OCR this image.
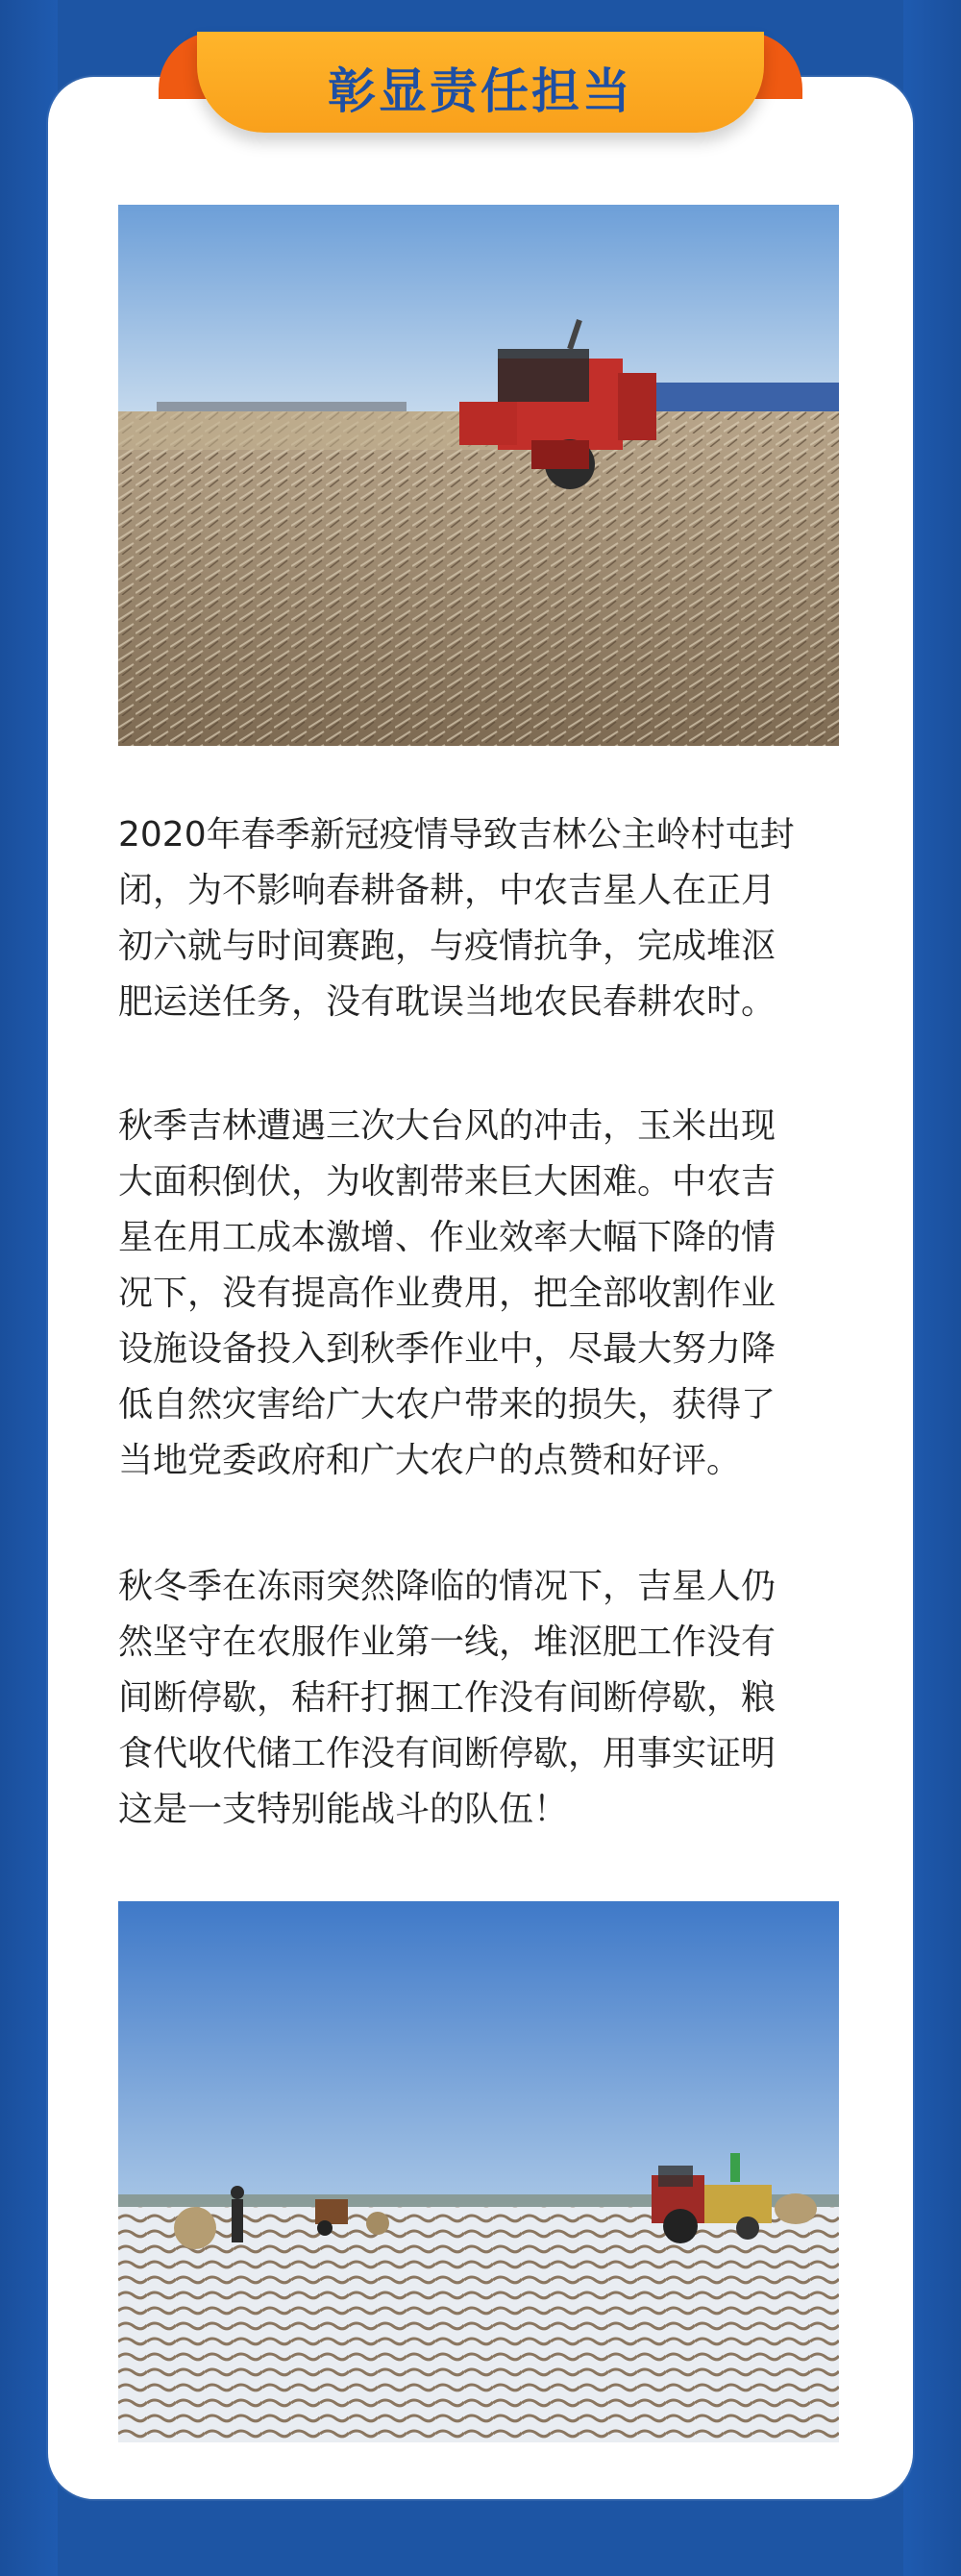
彰显责任担当

2020年春季新冠疫情导致吉林公主岭村屯封
闭，为不影响春耕备耕，中农吉星人在正月
初六就与时间赛跑，与疫情抗争，完成堆沤
肥运送任务，没有耽误当地农民春耕农时。

秋季吉林遭遇三次大台风的冲击，玉米出现
大面积倒伏，为收割带来巨大困难。中农吉
星在用工成本激增、作业效率大幅下降的情
况下，没有提高作业费用，把全部收割作业
设施设备投入到秋季作业中，尽最大努力降
低自然灾害给广大农户带来的损失，获得了
当地党委政府和广大农户的点赞和好评。

秋冬季在冻雨突然降临的情况下，吉星人仍
然坚守在农服作业第一线，堆沤肥工作没有
间断停歇，秸秆打捆工作没有间断停歇，粮
食代收代储工作没有间断停歇，用事实证明
这是一支特别能战斗的队伍！
